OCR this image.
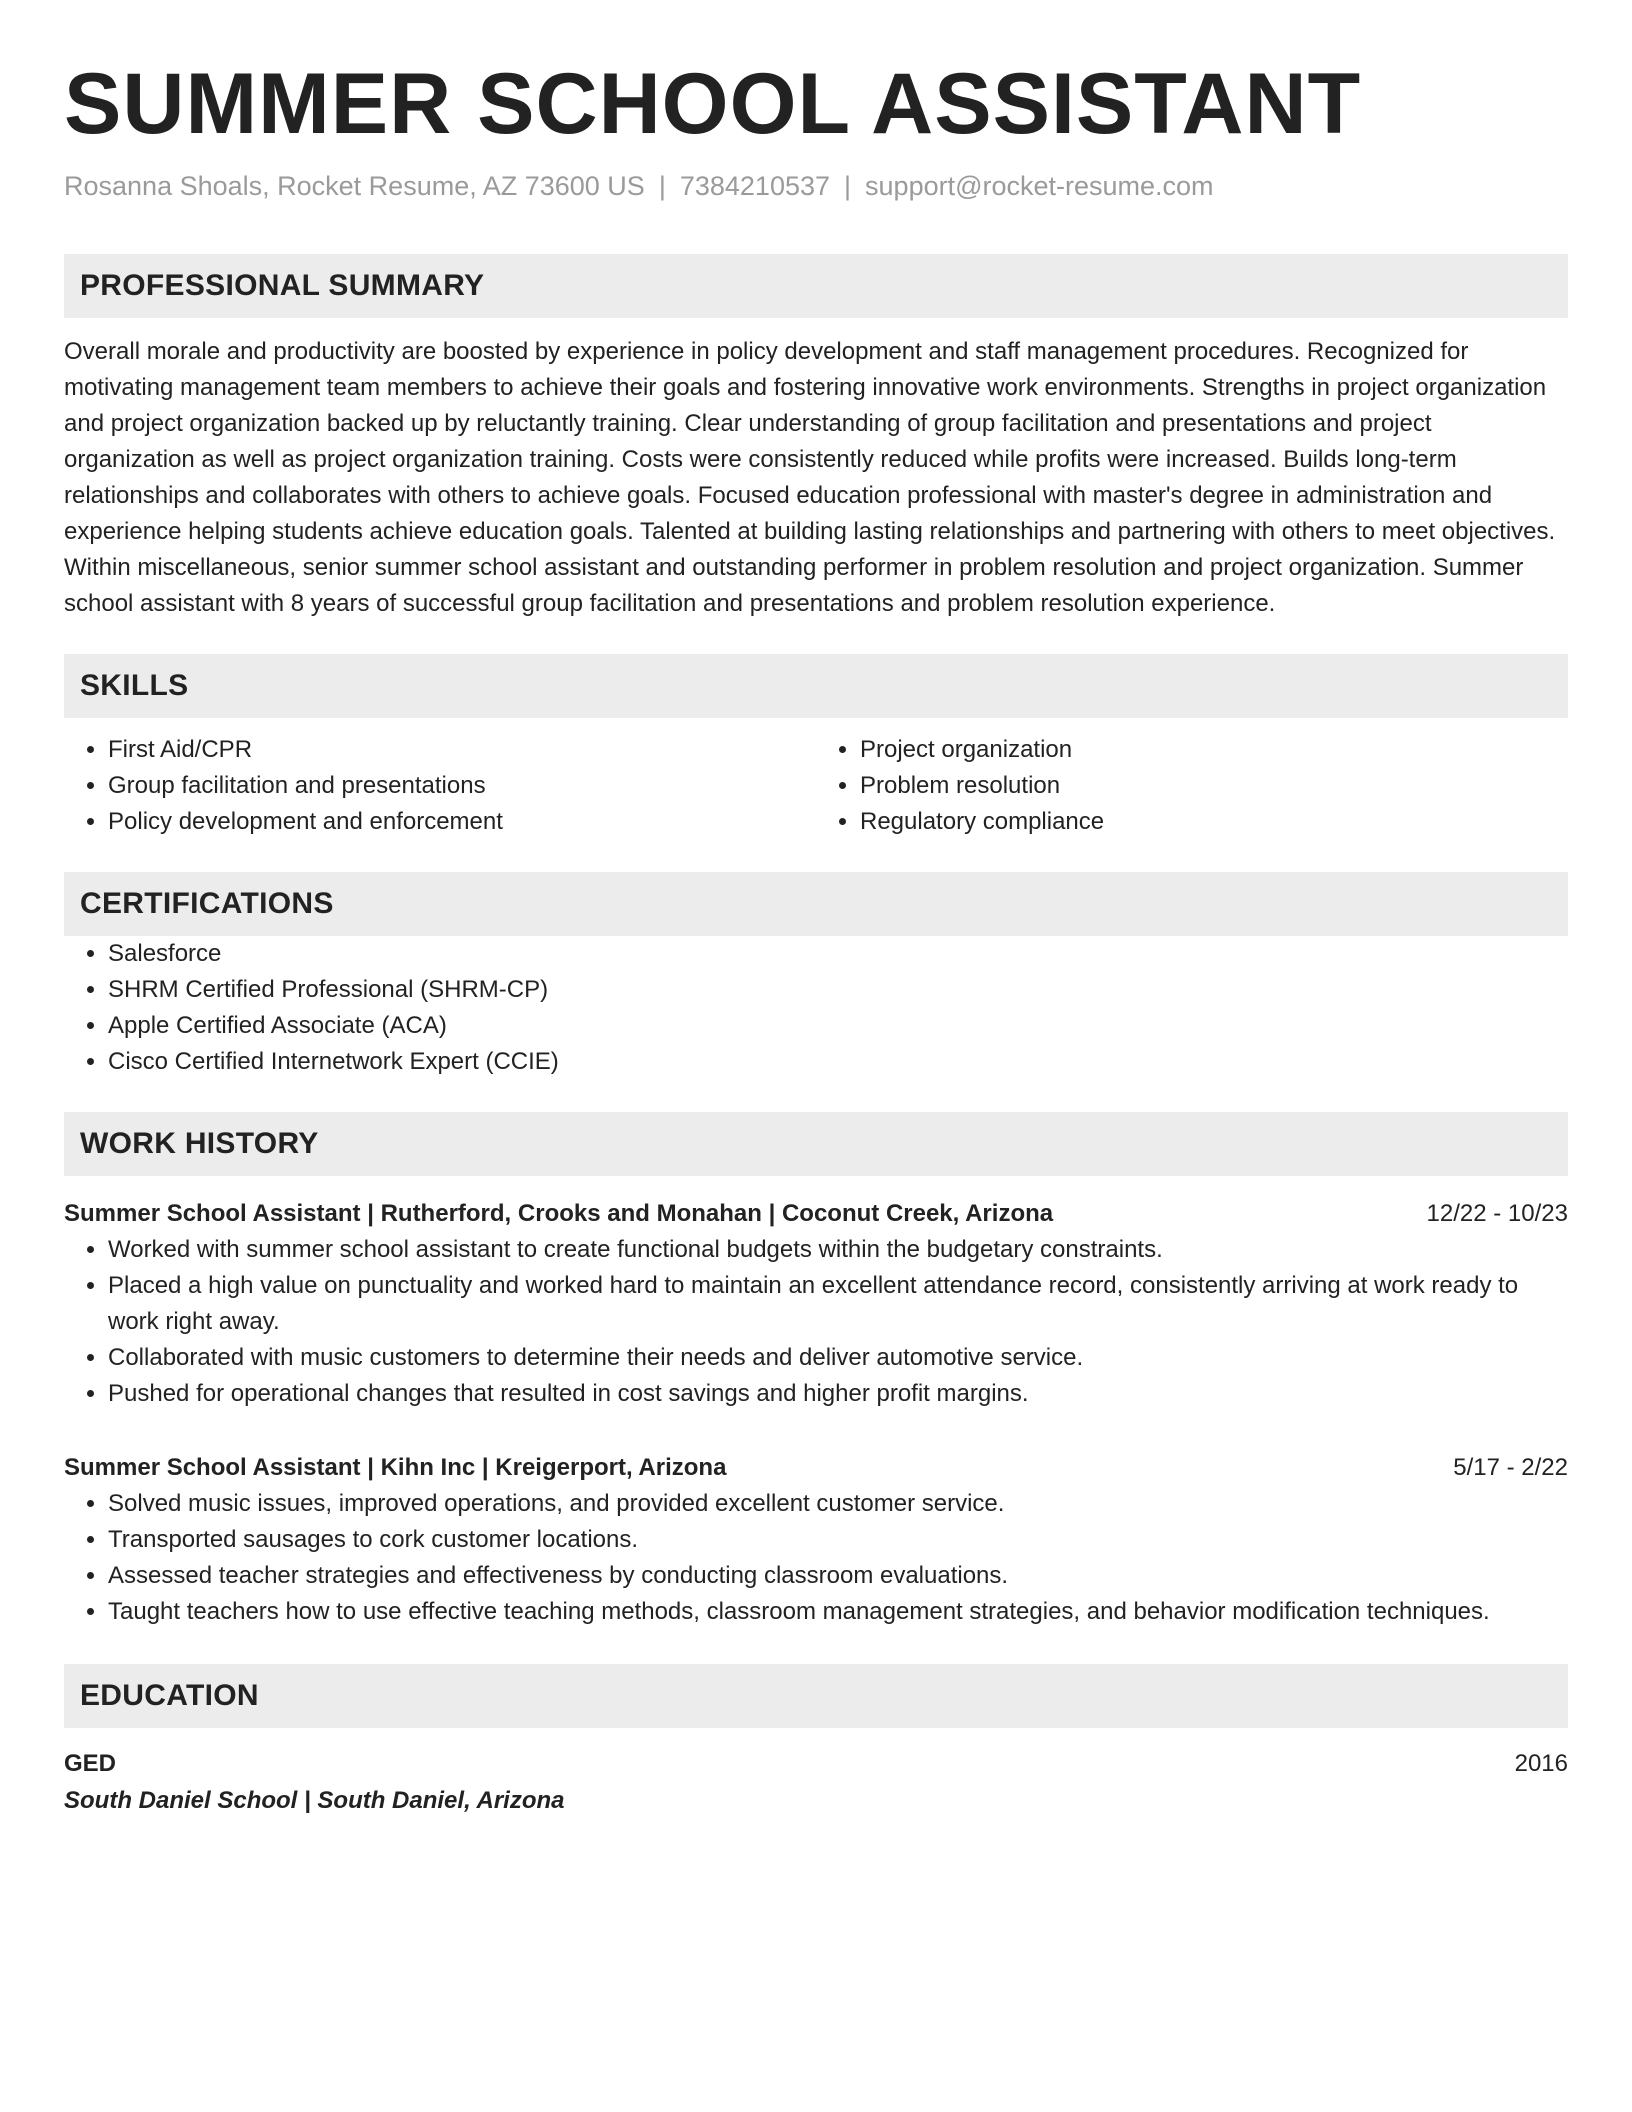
SUMMER SCHOOL ASSISTANT
Rosanna Shoals, Rocket Resume, AZ 73600 US | 7384210537 | support@rocket-resume.com
PROFESSIONAL SUMMARY

Overall morale and productivity are boosted by experience in policy development and staff management procedures. Recognized for motivating management team members to achieve their goals and fostering innovative work environments. Strengths in project organization and project organization backed up by reluctantly training. Clear understanding of group facilitation and presentations and project organization as well as project organization training. Costs were consistently reduced while profits were increased. Builds long-term relationships and collaborates with others to achieve goals. Focused education professional with master's degree in administration and experience helping students achieve education goals. Talented at building lasting relationships and partnering with others to meet objectives. Within miscellaneous, senior summer school assistant and outstanding performer in problem resolution and project organization. Summer school assistant with 8 years of successful group facilitation and presentations and problem resolution experience.

SKILLS
• First Aid/CPR
• Group facilitation and presentations
• Policy development and enforcement
• Project organization
• Problem resolution
• Regulatory compliance
CERTIFICATIONS
• Salesforce
• SHRM Certified Professional (SHRM-CP)
• Apple Certified Associate (ACA)
• Cisco Certified Internetwork Expert (CCIE)
WORK HISTORY
Summer School Assistant | Rutherford, Crooks and Monahan | Coconut Creek, Arizona	12/22 - 10/23
• Worked with summer school assistant to create functional budgets within the budgetary constraints.
• Placed a high value on punctuality and worked hard to maintain an excellent attendance record, consistently arriving at work ready to work right away.
• Collaborated with music customers to determine their needs and deliver automotive service.
• Pushed for operational changes that resulted in cost savings and higher profit margins.
Summer School Assistant | Kihn Inc | Kreigerport, Arizona	5/17 - 2/22
• Solved music issues, improved operations, and provided excellent customer service.
• Transported sausages to cork customer locations.
• Assessed teacher strategies and effectiveness by conducting classroom evaluations.
• Taught teachers how to use effective teaching methods, classroom management strategies, and behavior modification techniques.
EDUCATION
GED	2016
South Daniel School | South Daniel, Arizona
